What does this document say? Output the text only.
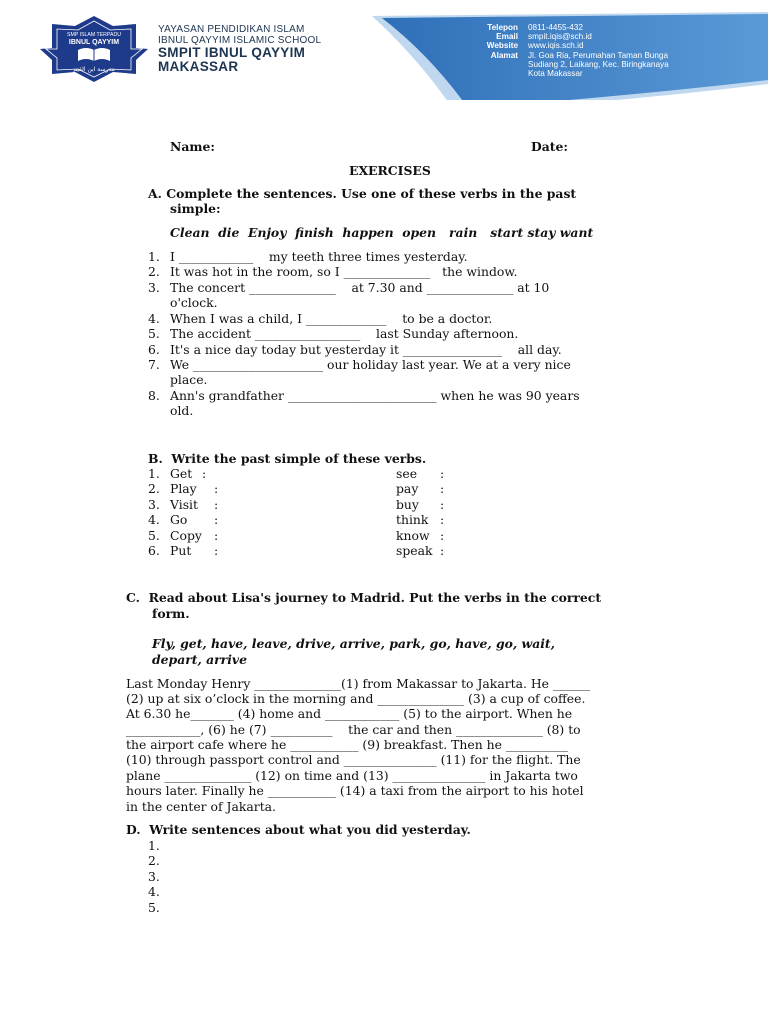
SMP ISLAM TERPADU
IBNUL QAYYIM
مدرسة ابن القيم
YAYASAN PENDIDIKAN ISLAM
IBNUL QAYYIM ISLAMIC SCHOOL
SMPIT IBNUL QAYYIM
MAKASSAR
Telepon 0811-4455-432
Email smpit.iqis@sch.id
Website www.iqis.sch.id
Alamat Jl. Goa Ria, Perumahan Taman Bunga
Sudiang 2, Laikang, Kec. Biringkanaya
Kota Makassar
Name:	Date:
EXERCISES
A. Complete the sentences. Use one of these verbs in the past
simple:
Clean  die  Enjoy  finish  happen  open   rain   start stay want
1. I ____________    my teeth three times yesterday.
2. It was hot in the room, so I ______________   the window.
3. The concert ______________    at 7.30 and ______________ at 10
o'clock.
4. When I was a child, I _____________    to be a doctor.
5. The accident _________________    last Sunday afternoon.
6. It's a nice day today but yesterday it ________________    all day.
7. We _____________________ our holiday last year. We at a very nice
place.
8. Ann's grandfather ________________________ when he was 90 years
old.
B.  Write the past simple of these verbs.
1. Get :	see :
2. Play :	pay :
3. Visit :	buy :
4. Go :	think :
5. Copy :	know :
6. Put :	speak :
C.  Read about Lisa's journey to Madrid. Put the verbs in the correct
form.
Fly, get, have, leave, drive, arrive, park, go, have, go, wait,
depart, arrive
Last Monday Henry ______________(1) from Makassar to Jakarta. He ______
(2) up at six o’clock in the morning and ______________ (3) a cup of coffee.
At 6.30 he_______ (4) home and ____________ (5) to the airport. When he
____________, (6) he (7) __________    the car and then ______________ (8) to
the airport cafe where he ___________ (9) breakfast. Then he __________
(10) through passport control and _______________ (11) for the flight. The
plane ______________ (12) on time and (13) _______________ in Jakarta two
hours later. Finally he ___________ (14) a taxi from the airport to his hotel
in the center of Jakarta.
D.  Write sentences about what you did yesterday.
1.
2.
3.
4.
5.
